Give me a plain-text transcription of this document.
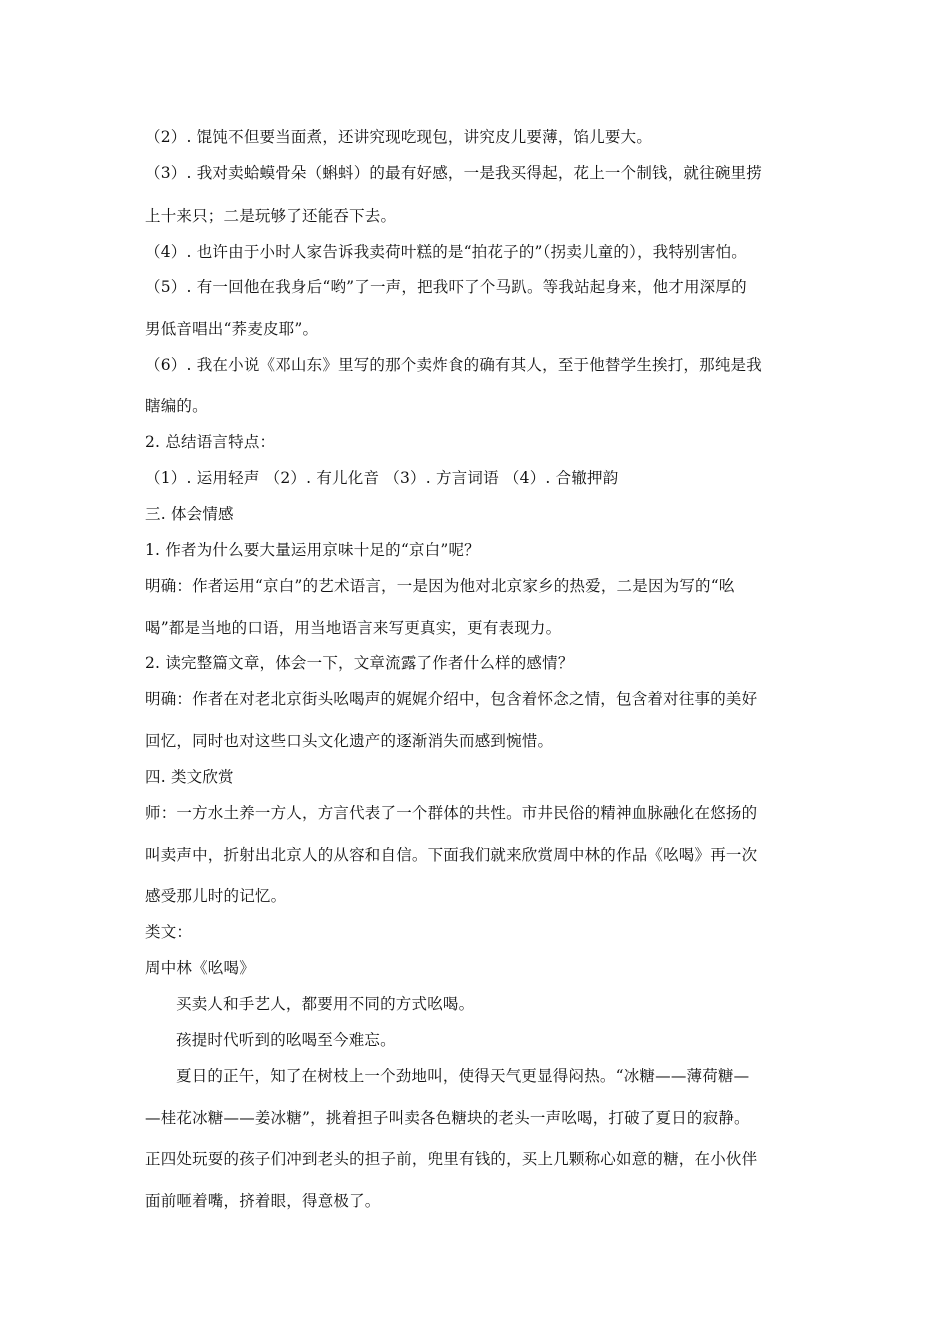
（2）. 馄饨不但要当面煮，还讲究现吃现包，讲究皮儿要薄，馅儿要大。
（3）. 我对卖蛤蟆骨朵（蝌蚪）的最有好感，一是我买得起，花上一个制钱，就往碗里捞
上十来只；二是玩够了还能吞下去。
（4）. 也许由于小时人家告诉我卖荷叶糕的是“拍花子的”（拐卖儿童的），我特别害怕。
（5）. 有一回他在我身后“哟”了一声，把我吓了个马趴。等我站起身来，他才用深厚的
男低音唱出“荞麦皮耶”。
（6）. 我在小说《邓山东》里写的那个卖炸食的确有其人，至于他替学生挨打，那纯是我
瞎编的。
2. 总结语言特点：
（1）. 运用轻声 （2）. 有儿化音 （3）. 方言词语 （4）. 合辙押韵
三. 体会情感
1. 作者为什么要大量运用京味十足的“京白”呢？
明确：作者运用“京白”的艺术语言，一是因为他对北京家乡的热爱，二是因为写的“吆
喝”都是当地的口语，用当地语言来写更真实，更有表现力。
2. 读完整篇文章，体会一下，文章流露了作者什么样的感情？
明确：作者在对老北京街头吆喝声的娓娓介绍中，包含着怀念之情，包含着对往事的美好
回忆，同时也对这些口头文化遗产的逐渐消失而感到惋惜。
四. 类文欣赏
师：一方水土养一方人，方言代表了一个群体的共性。市井民俗的精神血脉融化在悠扬的
叫卖声中，折射出北京人的从容和自信。下面我们就来欣赏周中林的作品《吆喝》再一次
感受那儿时的记忆。
类文：
周中林《吆喝》
买卖人和手艺人，都要用不同的方式吆喝。
孩提时代听到的吆喝至今难忘。
夏日的正午，知了在树枝上一个劲地叫，使得天气更显得闷热。“冰糖——薄荷糖—
—桂花冰糖——姜冰糖”，挑着担子叫卖各色糖块的老头一声吆喝，打破了夏日的寂静。
正四处玩耍的孩子们冲到老头的担子前，兜里有钱的，买上几颗称心如意的糖，在小伙伴
面前咂着嘴，挤着眼，得意极了。
